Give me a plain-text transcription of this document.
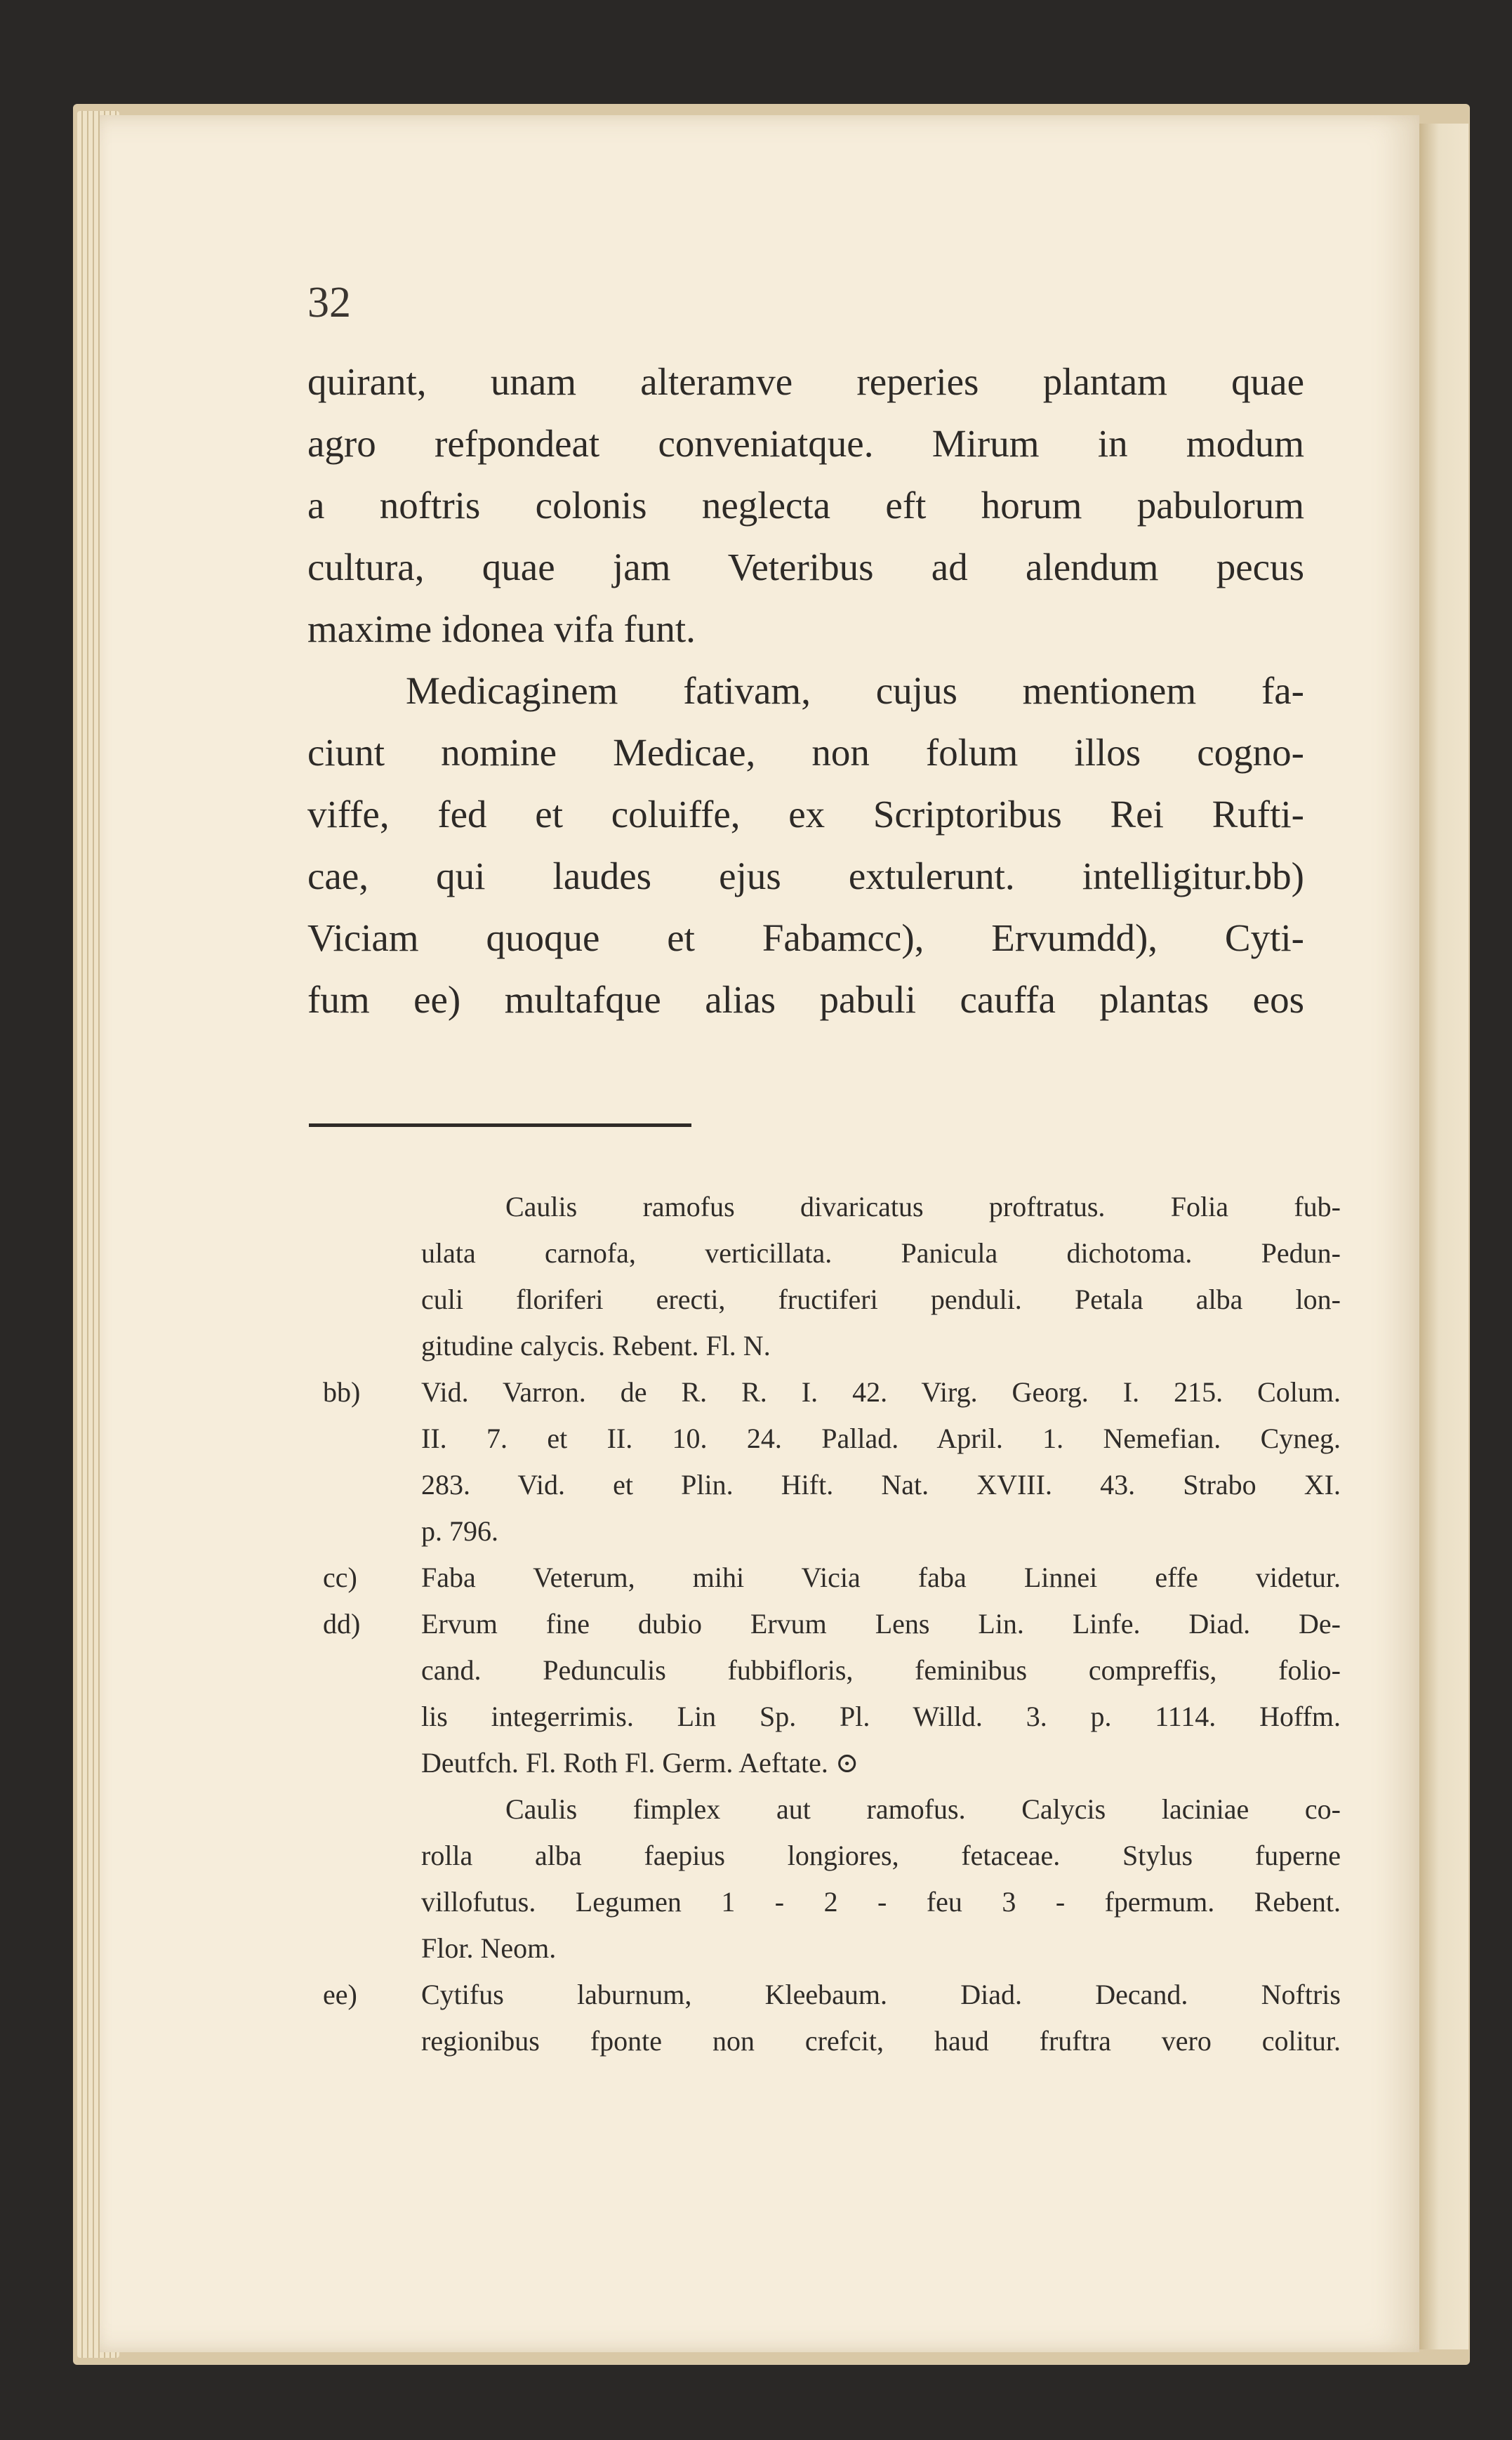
32
quirant, unam alteramve reperies plantam quae
agro refpondeat conveniatque. Mirum in modum
a noftris colonis neglecta eft horum pabulorum
cultura, quae jam Veteribus ad alendum pecus
maxime idonea vifa funt.
Medicaginem fativam, cujus mentionem fa-
ciunt nomine Medicae, non folum illos cogno-
viffe, fed et coluiffe, ex Scriptoribus Rei Rufti-
cae, qui laudes ejus extulerunt. intelligitur.bb)
Viciam quoque et Fabamcc), Ervumdd), Cyti-
fum ee) multafque alias pabuli cauffa plantas eos
Caulis ramofus divaricatus proftratus. Folia fub-
ulata carnofa, verticillata. Panicula dichotoma. Pedun-
culi floriferi erecti, fructiferi penduli. Petala alba lon-
gitudine calycis. Rebent. Fl. N.
bb)	Vid. Varron. de R. R. I. 42. Virg. Georg. I. 215. Colum.
II. 7. et II. 10. 24. Pallad. April. 1. Nemefian. Cyneg.
283. Vid. et Plin. Hift. Nat. XVIII. 43. Strabo XI.
p. 796.
cc)	Faba Veterum, mihi Vicia faba Linnei effe videtur.
dd)	Ervum fine dubio Ervum Lens Lin. Linfe. Diad. De-
cand. Pedunculis fubbifloris, feminibus compreffis, folio-
lis integerrimis. Lin Sp. Pl. Willd. 3. p. 1114. Hoffm.
Deutfch. Fl. Roth Fl. Germ. Aeftate. ⊙
Caulis fimplex aut ramofus. Calycis laciniae co-
rolla alba faepius longiores, fetaceae. Stylus fuperne
villofutus. Legumen 1 - 2 - feu 3 - fpermum. Rebent.
Flor. Neom.
ee)	Cytifus laburnum, Kleebaum. Diad. Decand. Noftris
regionibus fponte non crefcit, haud fruftra vero colitur.
